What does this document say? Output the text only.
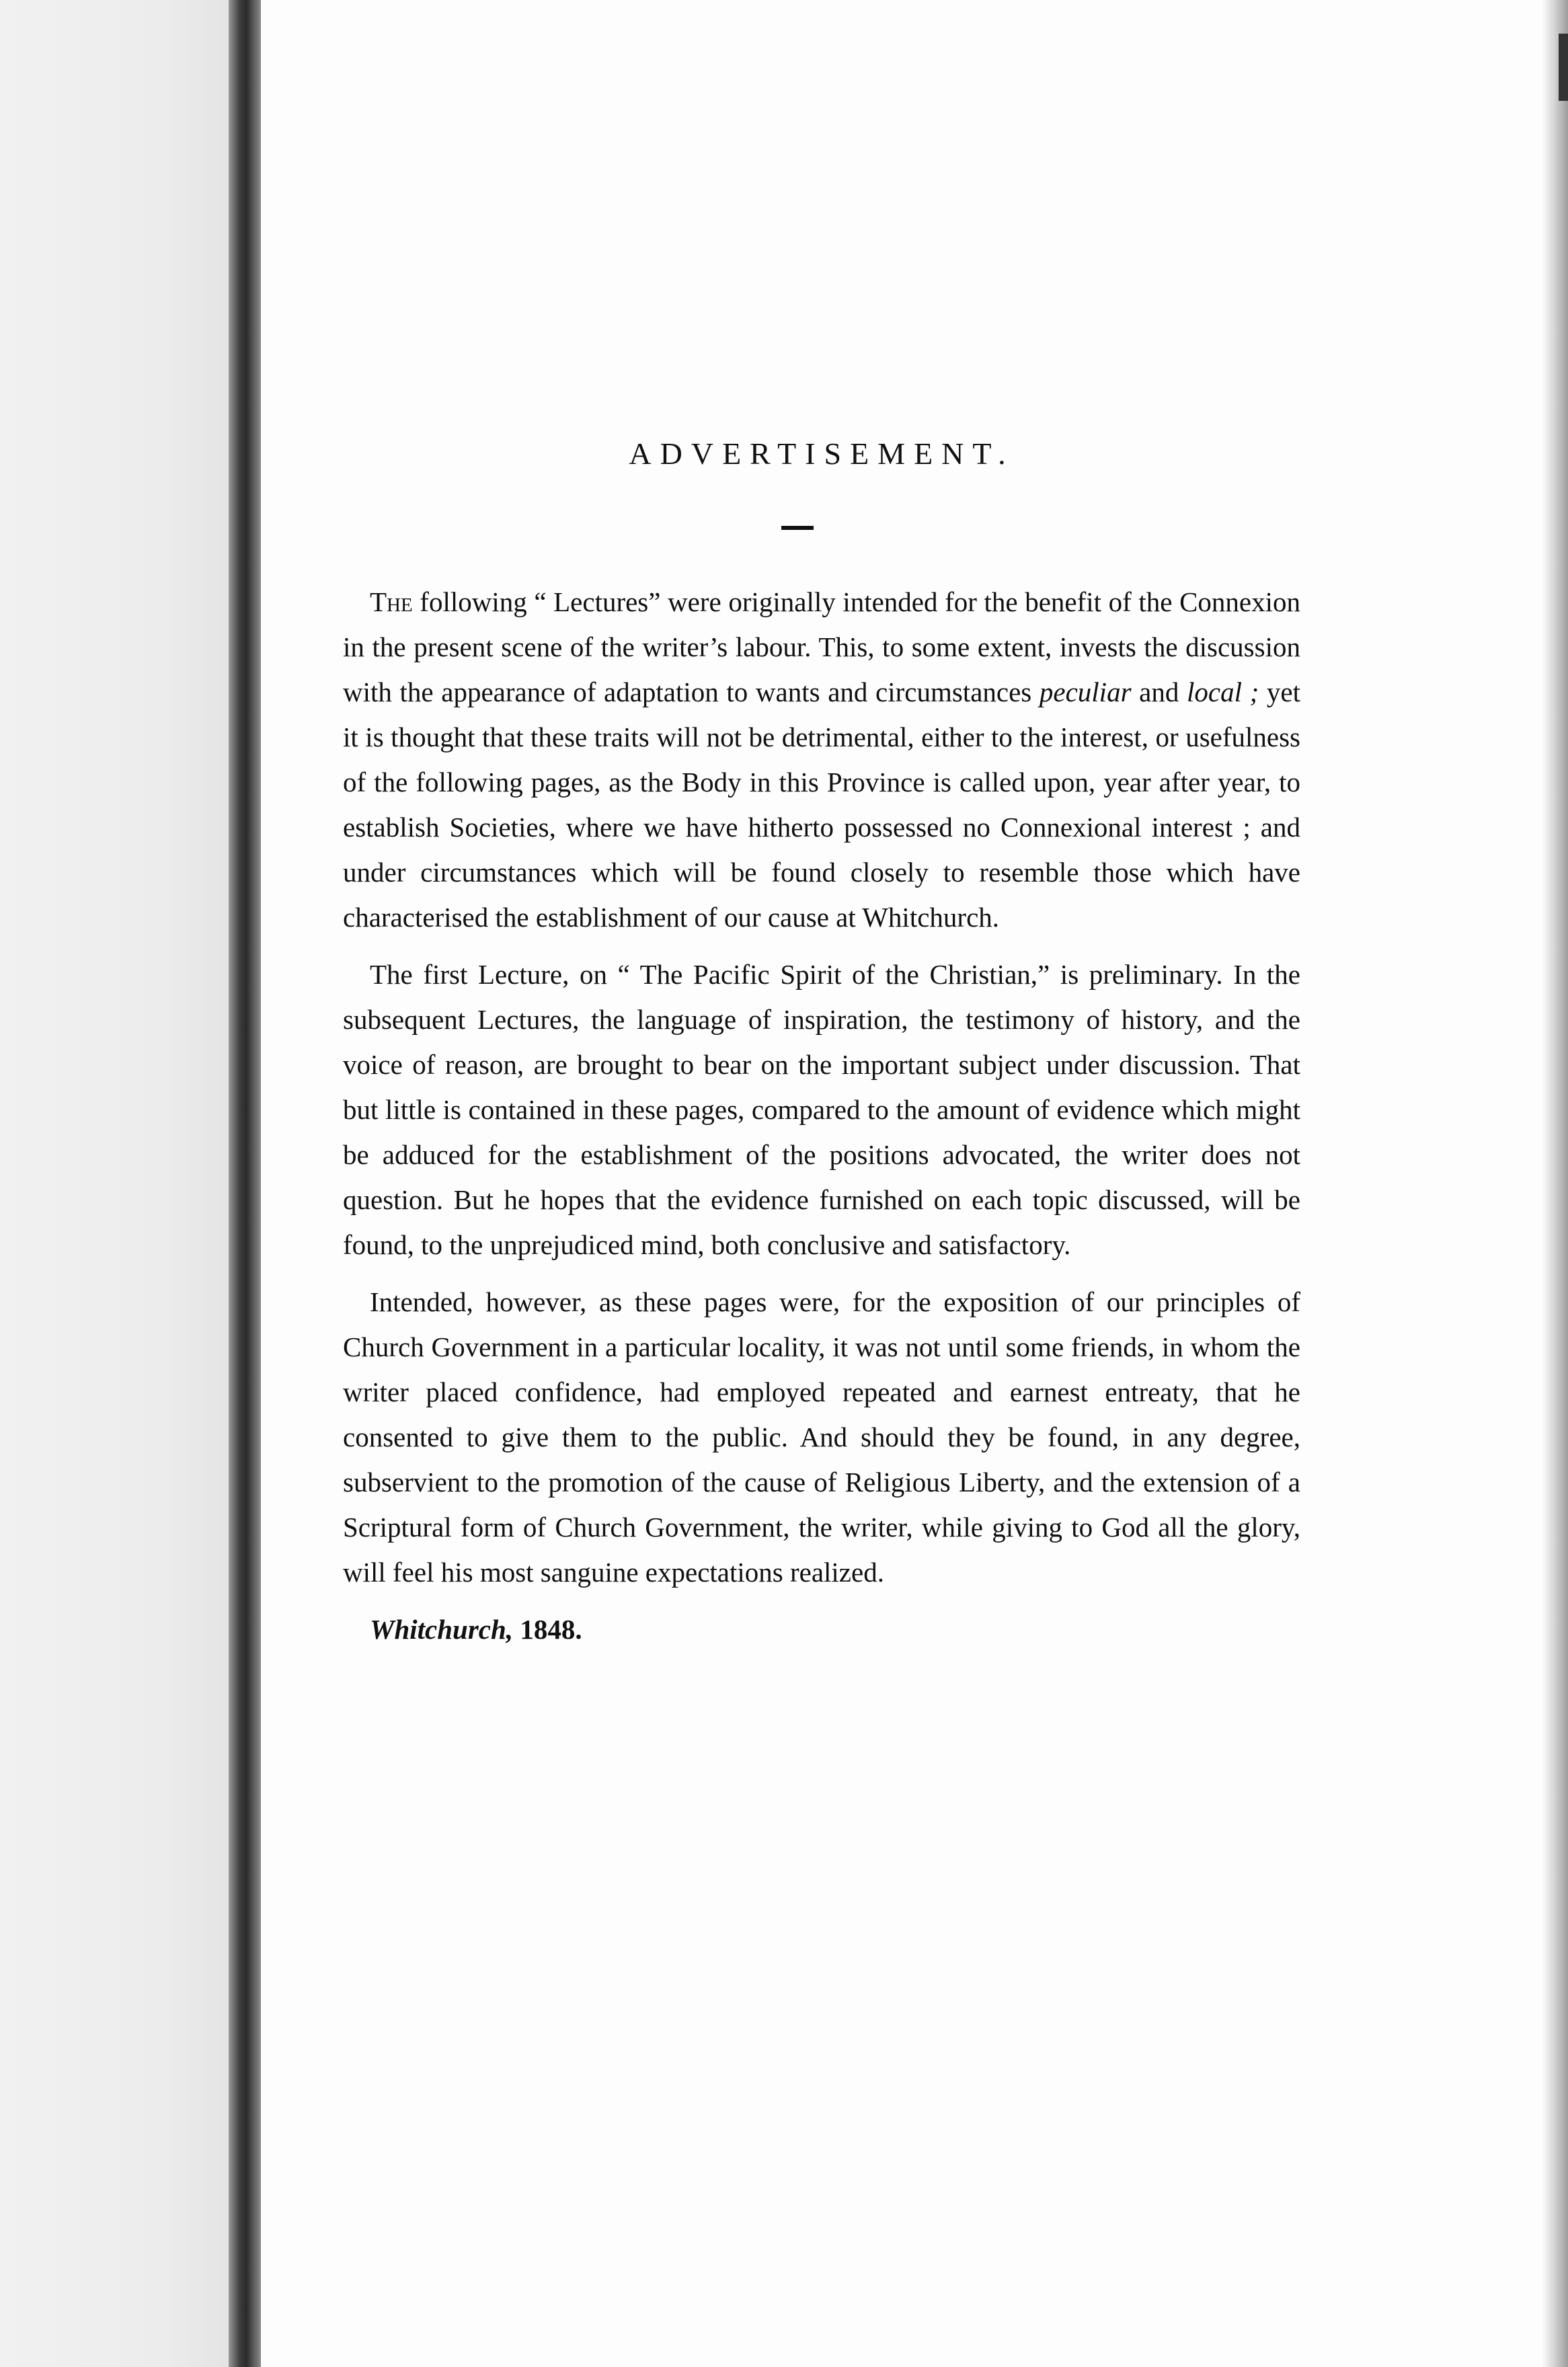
ADVERTISEMENT.

The following “ Lectures” were originally intended for the benefit of the Connexion in the present scene of the writer’s labour. This, to some extent, invests the discussion with the appearance of adaptation to wants and circumstances peculiar and local ; yet it is thought that these traits will not be detrimental, either to the interest, or usefulness of the following pages, as the Body in this Province is called upon, year after year, to establish Societies, where we have hitherto possessed no Connexional interest ; and under circumstances which will be found closely to resemble those which have characterised the establishment of our cause at Whitchurch.

The first Lecture, on “ The Pacific Spirit of the Christian,” is preliminary. In the subsequent Lectures, the language of inspiration, the testimony of history, and the voice of reason, are brought to bear on the important subject under discussion. That but little is contained in these pages, compared to the amount of evidence which might be adduced for the establishment of the positions advocated, the writer does not question. But he hopes that the evidence furnished on each topic discussed, will be found, to the unprejudiced mind, both conclusive and satisfactory.

Intended, however, as these pages were, for the exposition of our principles of Church Government in a particular locality, it was not until some friends, in whom the writer placed confidence, had employed repeated and earnest entreaty, that he consented to give them to the public. And should they be found, in any degree, subservient to the promotion of the cause of Religious Liberty, and the extension of a Scriptural form of Church Government, the writer, while giving to God all the glory, will feel his most sanguine expectations realized.

Whitchurch, 1848.
